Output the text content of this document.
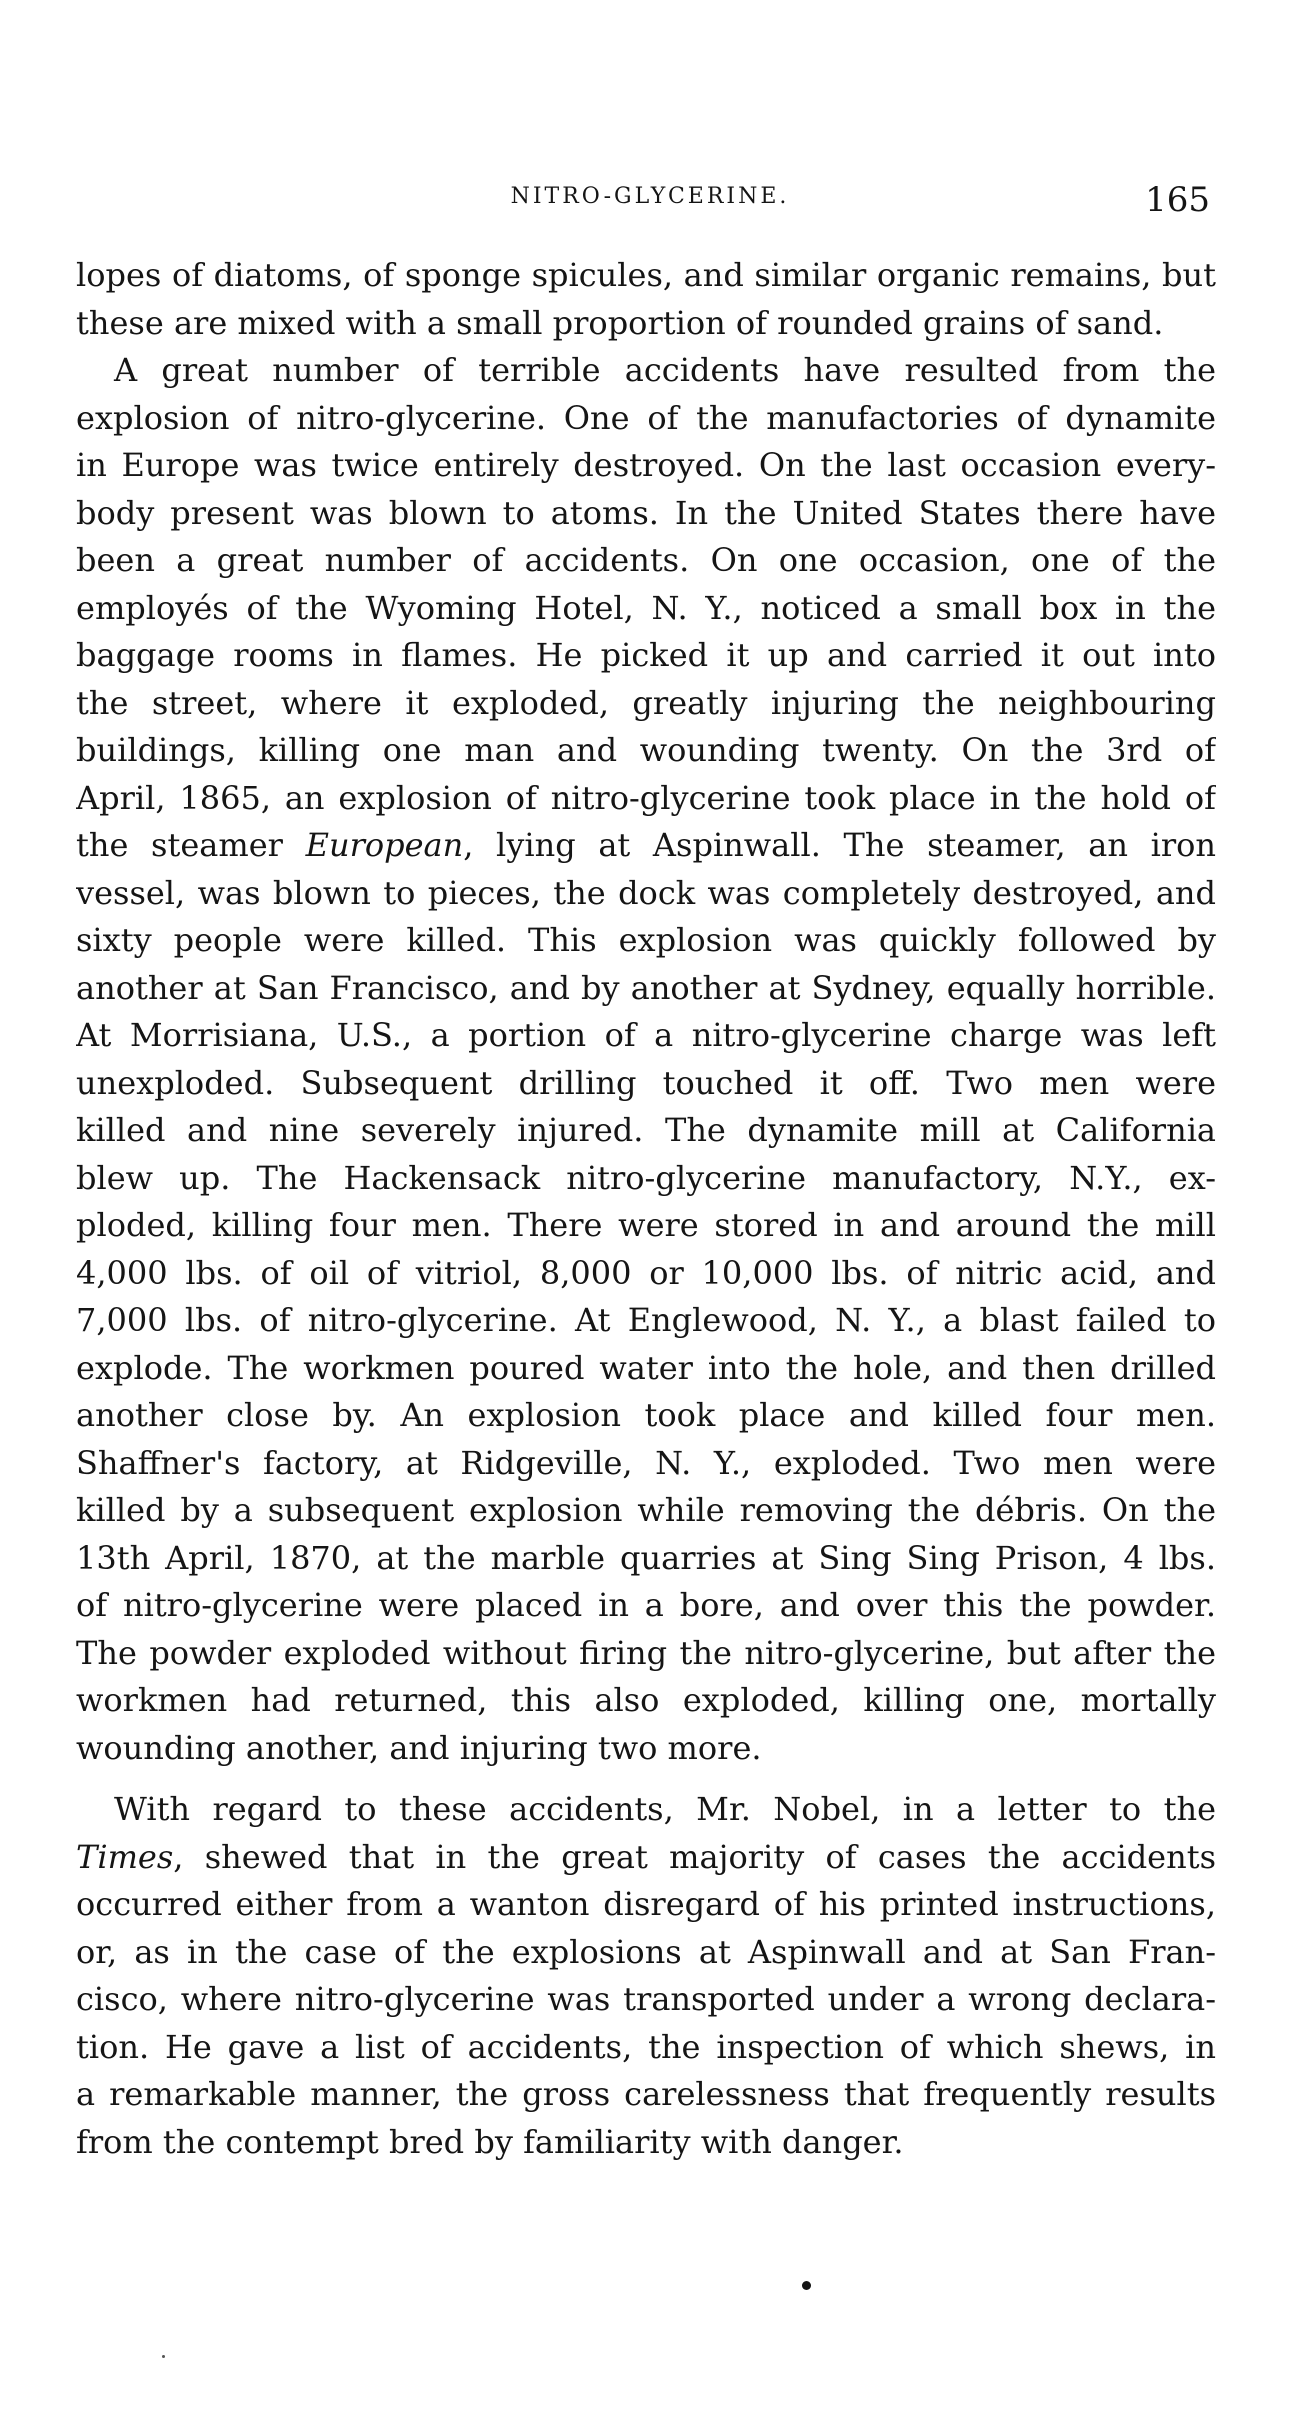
NITRO-GLYCERINE.	165
lopes of diatoms, of sponge spicules, and similar organic remains, but
these are mixed with a small proportion of rounded grains of sand.
A great number of terrible accidents have resulted from the
explosion of nitro-glycerine. One of the manufactories of dynamite
in Europe was twice entirely destroyed. On the last occasion every-
body present was blown to atoms. In the United States there have
been a great number of accidents. On one occasion, one of the
employés of the Wyoming Hotel, N. Y., noticed a small box in the
baggage rooms in flames. He picked it up and carried it out into
the street, where it exploded, greatly injuring the neighbouring
buildings, killing one man and wounding twenty. On the 3rd of
April, 1865, an explosion of nitro-glycerine took place in the hold of
the steamer European, lying at Aspinwall. The steamer, an iron
vessel, was blown to pieces, the dock was completely destroyed, and
sixty people were killed. This explosion was quickly followed by
another at San Francisco, and by another at Sydney, equally horrible.
At Morrisiana, U.S., a portion of a nitro-glycerine charge was left
unexploded. Subsequent drilling touched it off. Two men were
killed and nine severely injured. The dynamite mill at California
blew up. The Hackensack nitro-glycerine manufactory, N.Y., ex-
ploded, killing four men. There were stored in and around the mill
4,000 lbs. of oil of vitriol, 8,000 or 10,000 lbs. of nitric acid, and
7,000 lbs. of nitro-glycerine. At Englewood, N. Y., a blast failed to
explode. The workmen poured water into the hole, and then drilled
another close by. An explosion took place and killed four men.
Shaffner's factory, at Ridgeville, N. Y., exploded. Two men were
killed by a subsequent explosion while removing the débris. On the
13th April, 1870, at the marble quarries at Sing Sing Prison, 4 lbs.
of nitro-glycerine were placed in a bore, and over this the powder.
The powder exploded without firing the nitro-glycerine, but after the
workmen had returned, this also exploded, killing one, mortally
wounding another, and injuring two more.
With regard to these accidents, Mr. Nobel, in a letter to the
Times, shewed that in the great majority of cases the accidents
occurred either from a wanton disregard of his printed instructions,
or, as in the case of the explosions at Aspinwall and at San Fran-
cisco, where nitro-glycerine was transported under a wrong declara-
tion. He gave a list of accidents, the inspection of which shews, in
a remarkable manner, the gross carelessness that frequently results
from the contempt bred by familiarity with danger.
